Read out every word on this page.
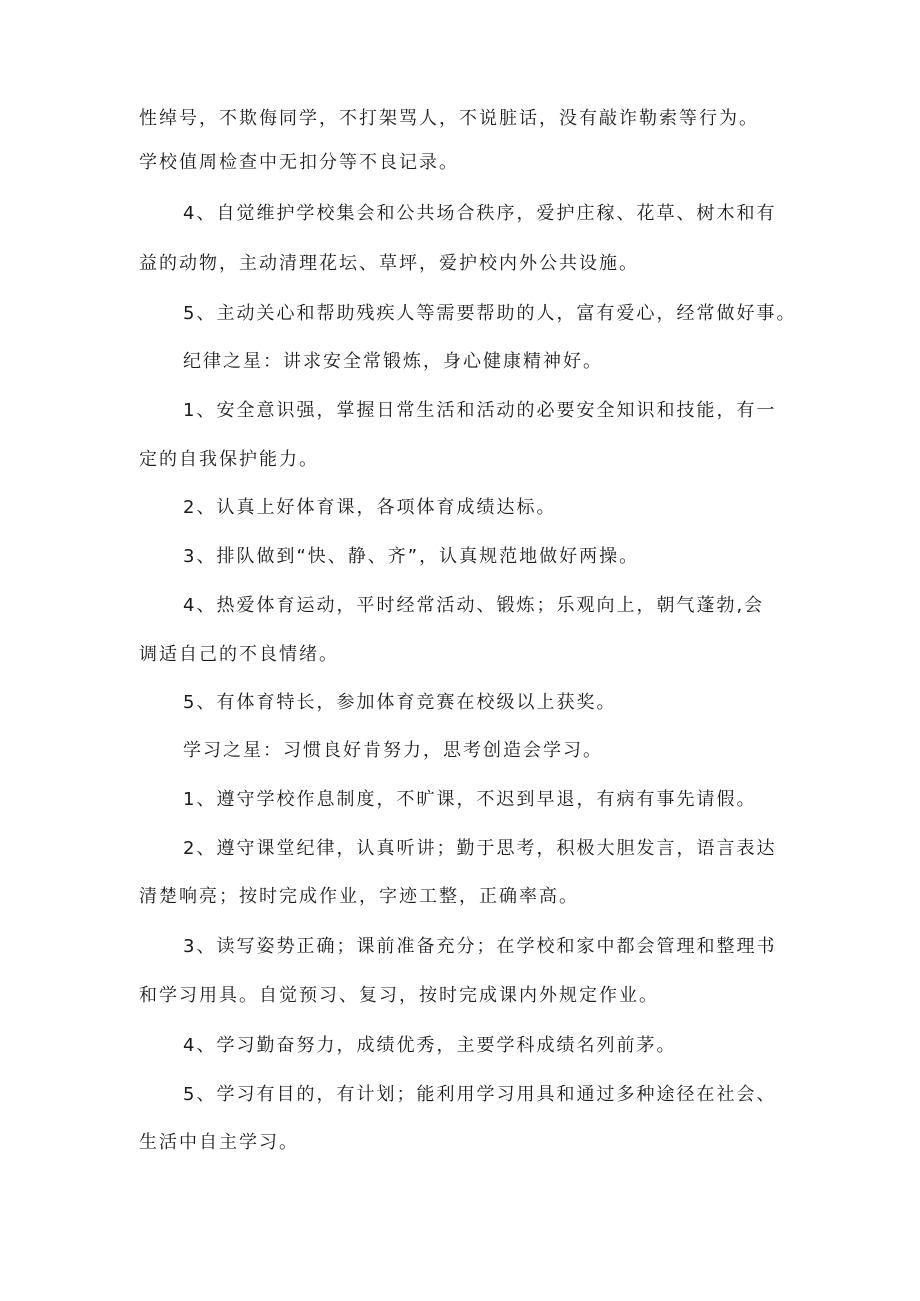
性绰号，不欺侮同学，不打架骂人，不说脏话，没有敲诈勒索等行为。
学校值周检查中无扣分等不良记录。
4、自觉维护学校集会和公共场合秩序，爱护庄稼、花草、树木和有
益的动物，主动清理花坛、草坪，爱护校内外公共设施。
5、主动关心和帮助残疾人等需要帮助的人，富有爱心，经常做好事。
纪律之星：讲求安全常锻炼，身心健康精神好。
1、安全意识强，掌握日常生活和活动的必要安全知识和技能，有一
定的自我保护能力。
2、认真上好体育课，各项体育成绩达标。
3、排队做到“快、静、齐”，认真规范地做好两操。
4、热爱体育运动，平时经常活动、锻炼；乐观向上，朝气蓬勃,会
调适自己的不良情绪。
5、有体育特长，参加体育竞赛在校级以上获奖。
学习之星：习惯良好肯努力，思考创造会学习。
1、遵守学校作息制度，不旷课，不迟到早退，有病有事先请假。
2、遵守课堂纪律，认真听讲；勤于思考，积极大胆发言，语言表达
清楚响亮；按时完成作业，字迹工整，正确率高。
3、读写姿势正确；课前准备充分；在学校和家中都会管理和整理书
和学习用具。自觉预习、复习，按时完成课内外规定作业。
4、学习勤奋努力，成绩优秀，主要学科成绩名列前茅。
5、学习有目的，有计划；能利用学习用具和通过多种途径在社会、
生活中自主学习。
